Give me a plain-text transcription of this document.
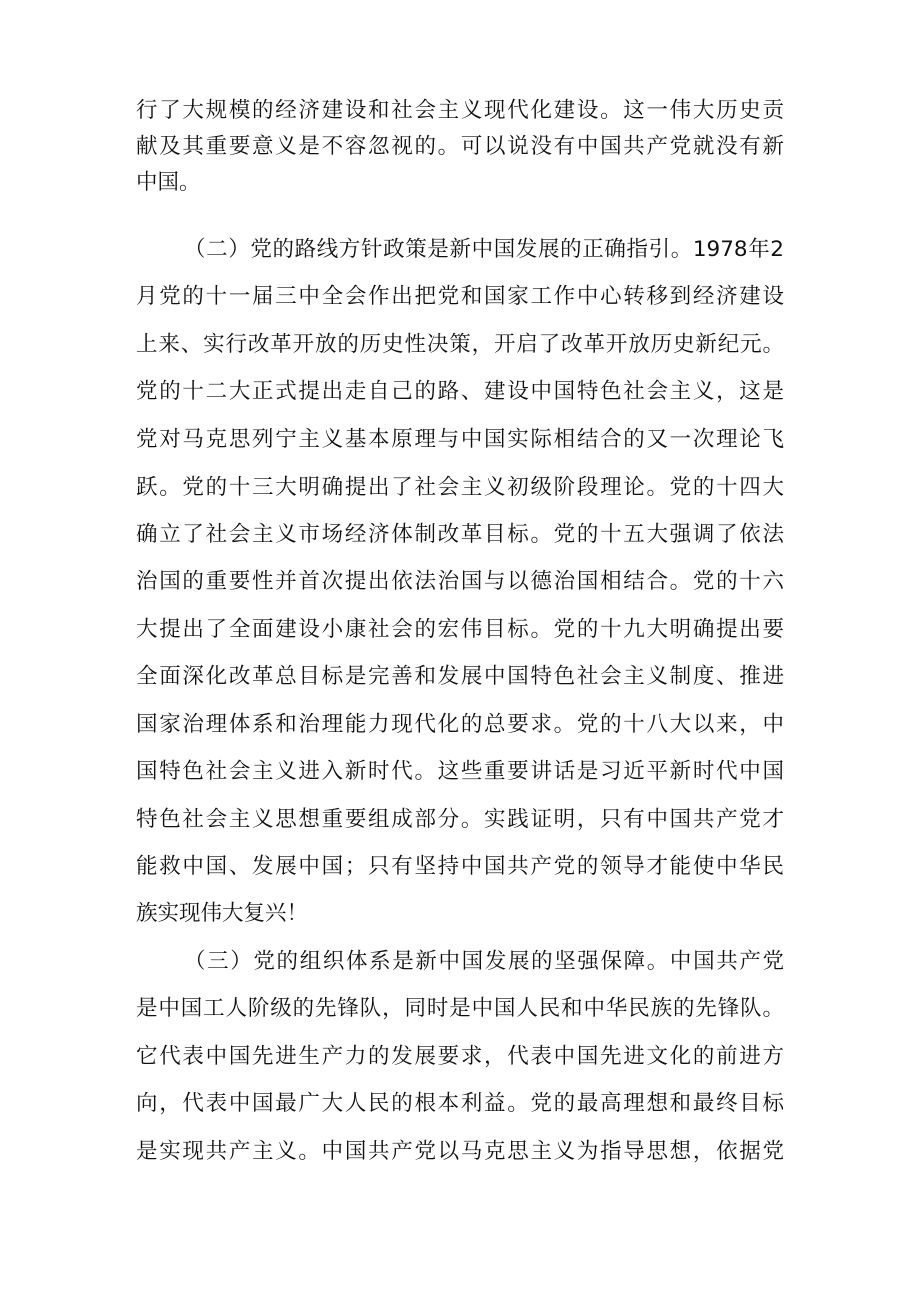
行了大规模的经济建设和社会主义现代化建设。这一伟大历史贡
献及其重要意义是不容忽视的。可以说没有中国共产党就没有新
中国。
（二）党的路线方针政策是新中国发展的正确指引。1978年2
月党的十一届三中全会作出把党和国家工作中心转移到经济建设
上来、实行改革开放的历史性决策，开启了改革开放历史新纪元。
党的十二大正式提出走自己的路、建设中国特色社会主义，这是
党对马克思列宁主义基本原理与中国实际相结合的又一次理论飞
跃。党的十三大明确提出了社会主义初级阶段理论。党的十四大
确立了社会主义市场经济体制改革目标。党的十五大强调了依法
治国的重要性并首次提出依法治国与以德治国相结合。党的十六
大提出了全面建设小康社会的宏伟目标。党的十九大明确提出要
全面深化改革总目标是完善和发展中国特色社会主义制度、推进
国家治理体系和治理能力现代化的总要求。党的十八大以来，中
国特色社会主义进入新时代。这些重要讲话是习近平新时代中国
特色社会主义思想重要组成部分。实践证明，只有中国共产党才
能救中国、发展中国；只有坚持中国共产党的领导才能使中华民
族实现伟大复兴！
（三）党的组织体系是新中国发展的坚强保障。中国共产党
是中国工人阶级的先锋队，同时是中国人民和中华民族的先锋队。
它代表中国先进生产力的发展要求，代表中国先进文化的前进方
向，代表中国最广大人民的根本利益。党的最高理想和最终目标
是实现共产主义。中国共产党以马克思主义为指导思想，依据党
